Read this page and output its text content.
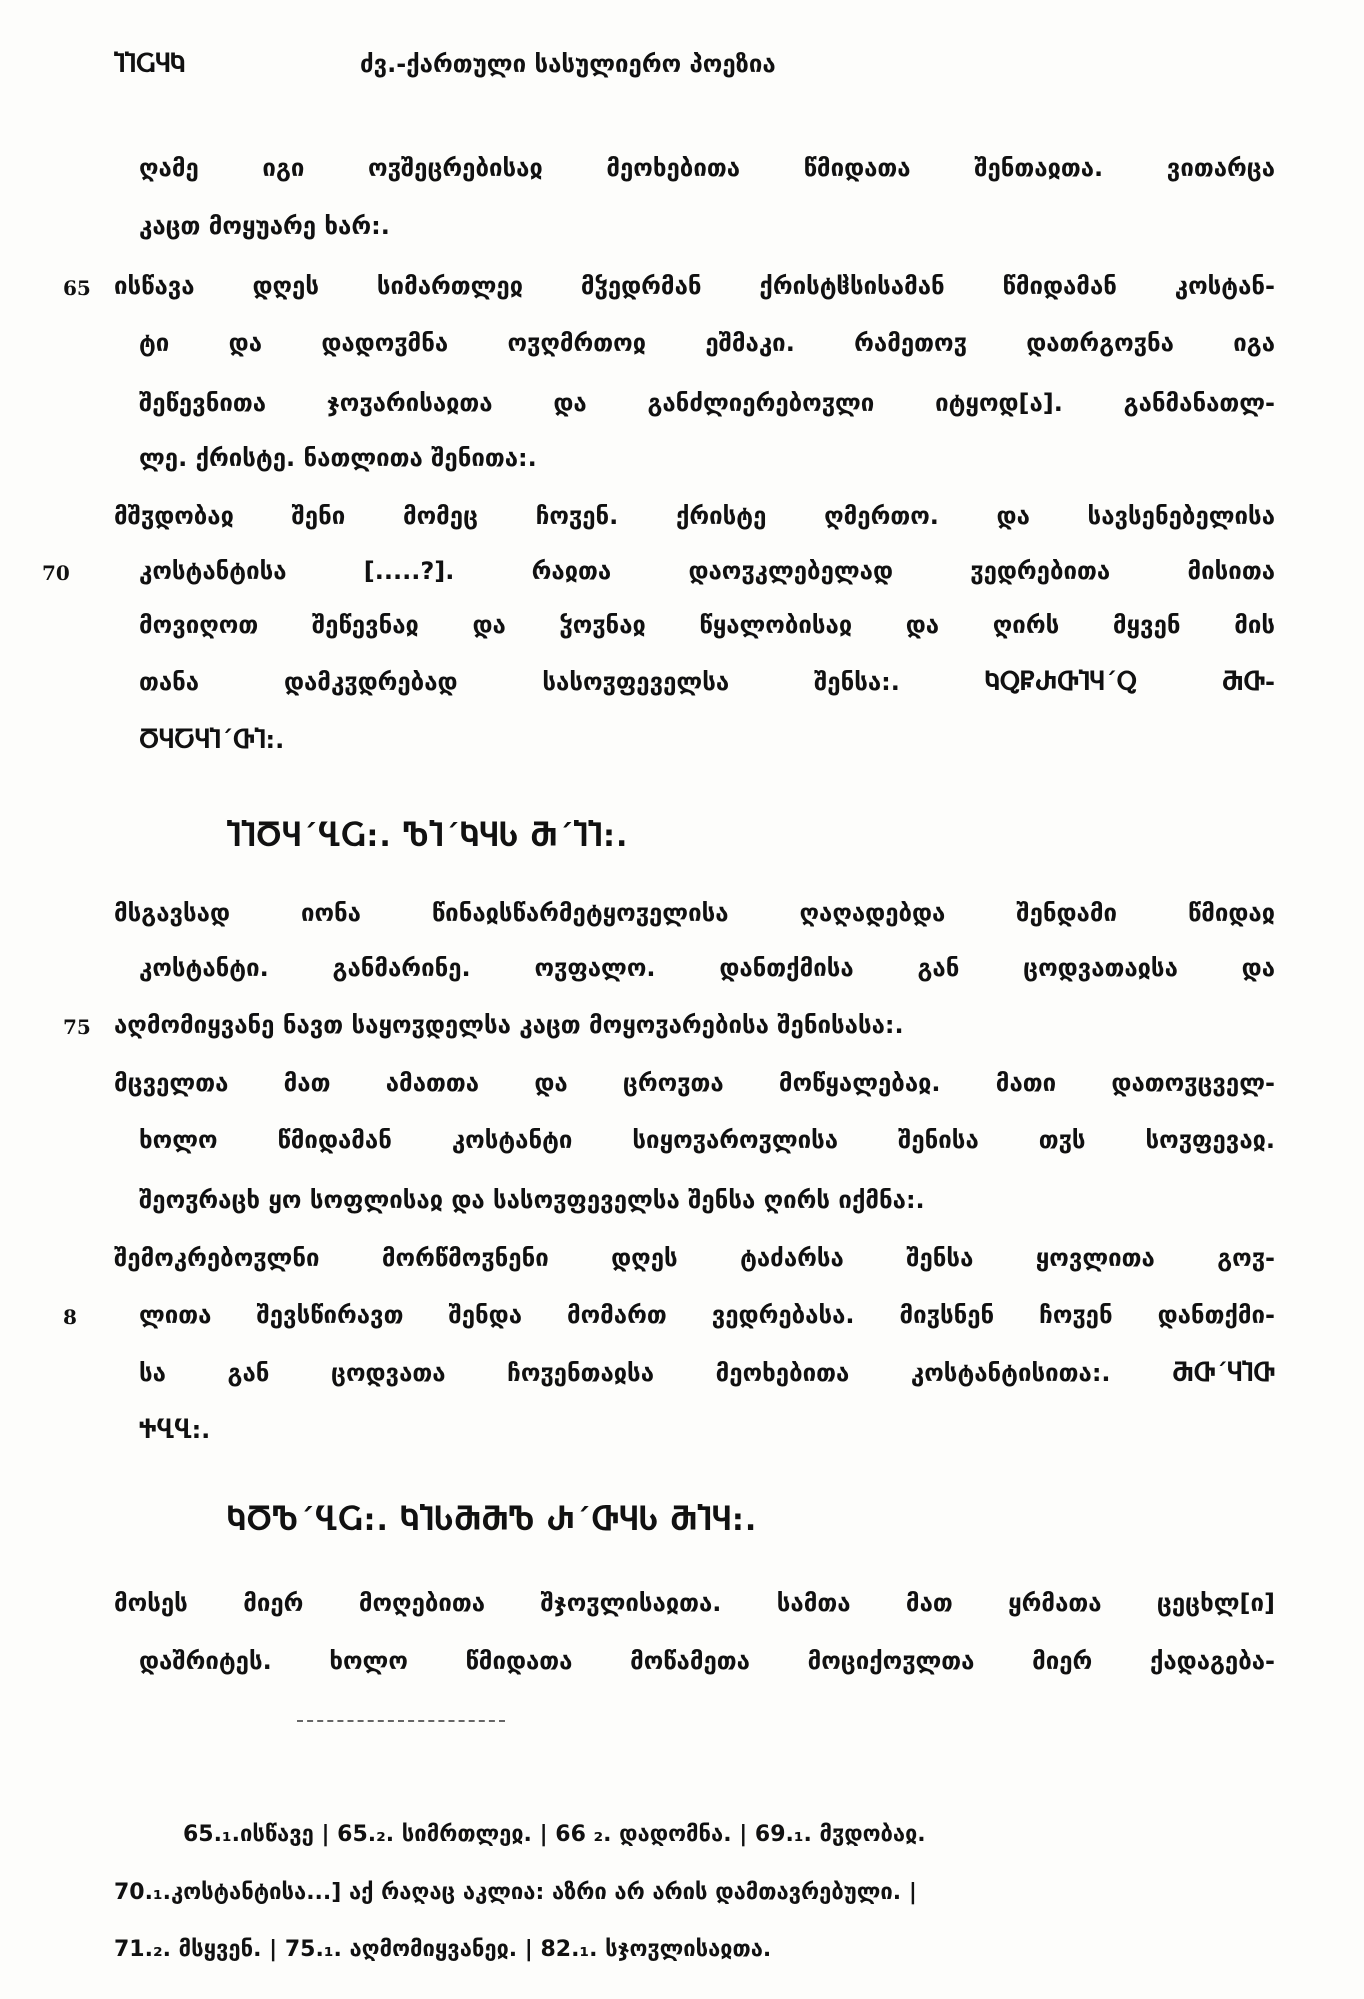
ႨႨႺႷႩ	ძვ.-ქართული სასულიერო პოეზია
65
70
75
8
ღამე იგი ოჳშეცრებისაჲ მეოხებითა წმიდათა შენთაჲთა. ვითარცა
კაცთ მოყუარე ხარ:.
ისწავა დღეს სიმართლეჲ მჴედრმან ქრისტჱსისამან წმიდამან კოსტან-
ტი და დადოჳმნა ოჳღმრთოჲ ეშმაკი. რამეთოჳ დათრგოჳნა იგა
შეწევნითა ჯოჳარისაჲთა და განძლიერებოჳლი იტყოდ[ა]. განმანათლ-
ლე. ქრისტე. ნათლითა შენითა:.
მშჳდობაჲ შენი მომეც ჩოჳენ. ქრისტე ღმერთო. და სავსენებელისა
კოსტანტისა [.....?]. რაჲთა დაოჳკლებელად ჳედრებითა მისითა
მოვიღოთ შეწევნაჲ და ჴოჳნაჲ წყალობისაჲ და ღირს მყვენ მის
თანა დამკჳდრებად სასოჳფეველსა შენსა:. ႩႭႼႰႧႨႷ´Ⴍ ႫႧ-
ႣႷႠႷႨ´ႧႨ:.
ႨႨႣႷ´ႡႺ:. ႪႨ´ႩႷႱ Ⴋ´ႨႨ:.
მსგავსად იონა წინაჲსწარმეტყოჳელისა ღაღადებდა შენდამი წმიდაჲ
კოსტანტი. განმარინე. ოჳფალო. დანთქმისა გან ცოდვათაჲსა და
აღმომიყვანე ნავთ საყოჳდელსა კაცთ მოყოჳარებისა შენისასა:.
მცველთა მათ ამათთა და ცროჳთა მოწყალებაჲ. მათი დათოჳცველ-
ხოლო წმიდამან კოსტანტი სიყოჳაროჳლისა შენისა თჳს სოჳფევაჲ.
შეოჳრაცხ ყო სოფლისაჲ და სასოჳფეველსა შენსა ღირს იქმნა:.
შემოკრებოჳლნი მორწმოჳნენი დღეს ტაძარსა შენსა ყოვლითა გოჳ-
ლითა შევსწირავთ შენდა მომართ ვედრებასა. მიჳსნენ ჩოჳენ დანთქმი-
სა გან ცოდვათა ჩოჳენთაჲსა მეოხებითა კოსტანტისითა:. ႫႧ´ႷႨႧ
ႵႡႡ:.
ႩႣႪ´ႡႺ:. ႩႨႱႫႫႪ Ⴐ´ႧႷႱ ႫႨႷ:.
მოსეს მიერ მოღებითა შჯოჳლისაჲთა. სამთა მათ ყრმათა ცეცხლ[ი]
დაშრიტეს. ხოლო წმიდათა მოწამეთა მოციქოჳლთა მიერ ქადაგება-
65.₁.ისწავე | 65.₂. სიმრთლეჲ. | 66 ₂. დადომნა. | 69.₁. მჳდობაჲ.
70.₁.კოსტანტისა...] აქ რაღაც აკლია: აზრი არ არის დამთავრებული. |
71.₂. მსყვენ. | 75.₁. აღმომიყვანეჲ. | 82.₁. სჯოჳლისაჲთა.
